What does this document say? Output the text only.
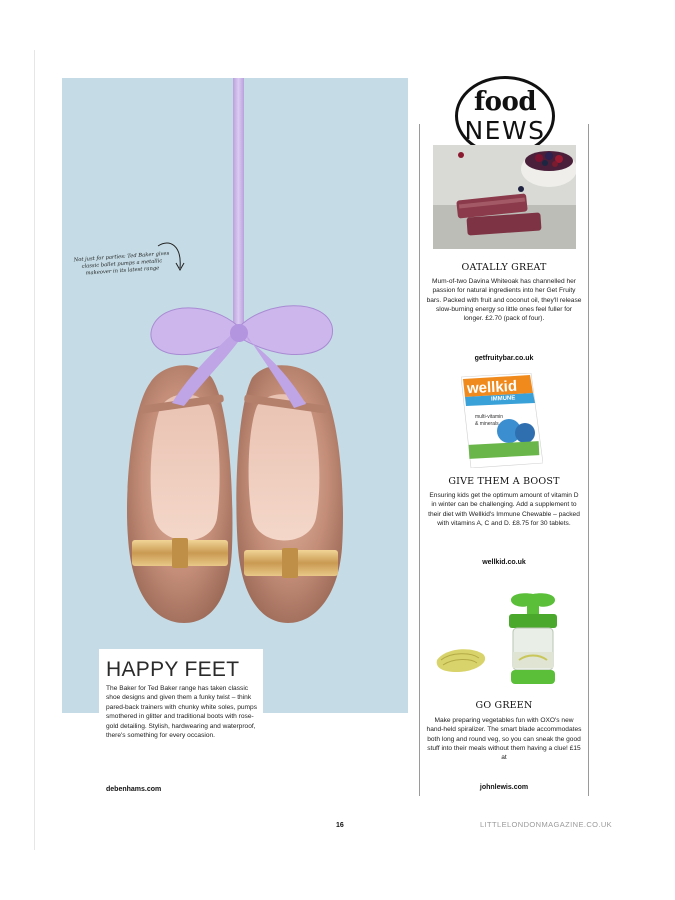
Not just for parties: Ted Baker gives classic ballet pumps a metallic makeover in its latest range
HAPPY FEET
The Baker for Ted Baker range has taken classic shoe designs and given them a funky twist – think pared-back trainers with chunky white soles, pumps smothered in glitter and traditional boots with rose-gold detailing. Stylish, hardwearing and waterproof, there's something for every occasion.
debenhams.com
food
NEWS
OATALLY GREAT
Mum-of-two Davina Whiteoak has channelled her passion for natural ingredients into her Get Fruity bars. Packed with fruit and coconut oil, they'll release slow-burning energy so little ones feel fuller for longer. £2.70 (pack of four).
getfruitybar.co.uk
multi-vitamin
& minerals
wellkid
IMMUNE
GIVE THEM A BOOST
Ensuring kids get the optimum amount of vitamin D in winter can be challenging. Add a supplement to their diet with Wellkid's Immune Chewable – packed with vitamins A, C and D. £8.75 for 30 tablets.
wellkid.co.uk
GO GREEN
Make preparing vegetables fun with OXO's new hand-held spiralizer. The smart blade accommodates both long and round veg, so you can sneak the good stuff into their meals without them having a clue! £15 at
johnlewis.com
16	LITTLELONDONMAGAZINE.CO.UK
